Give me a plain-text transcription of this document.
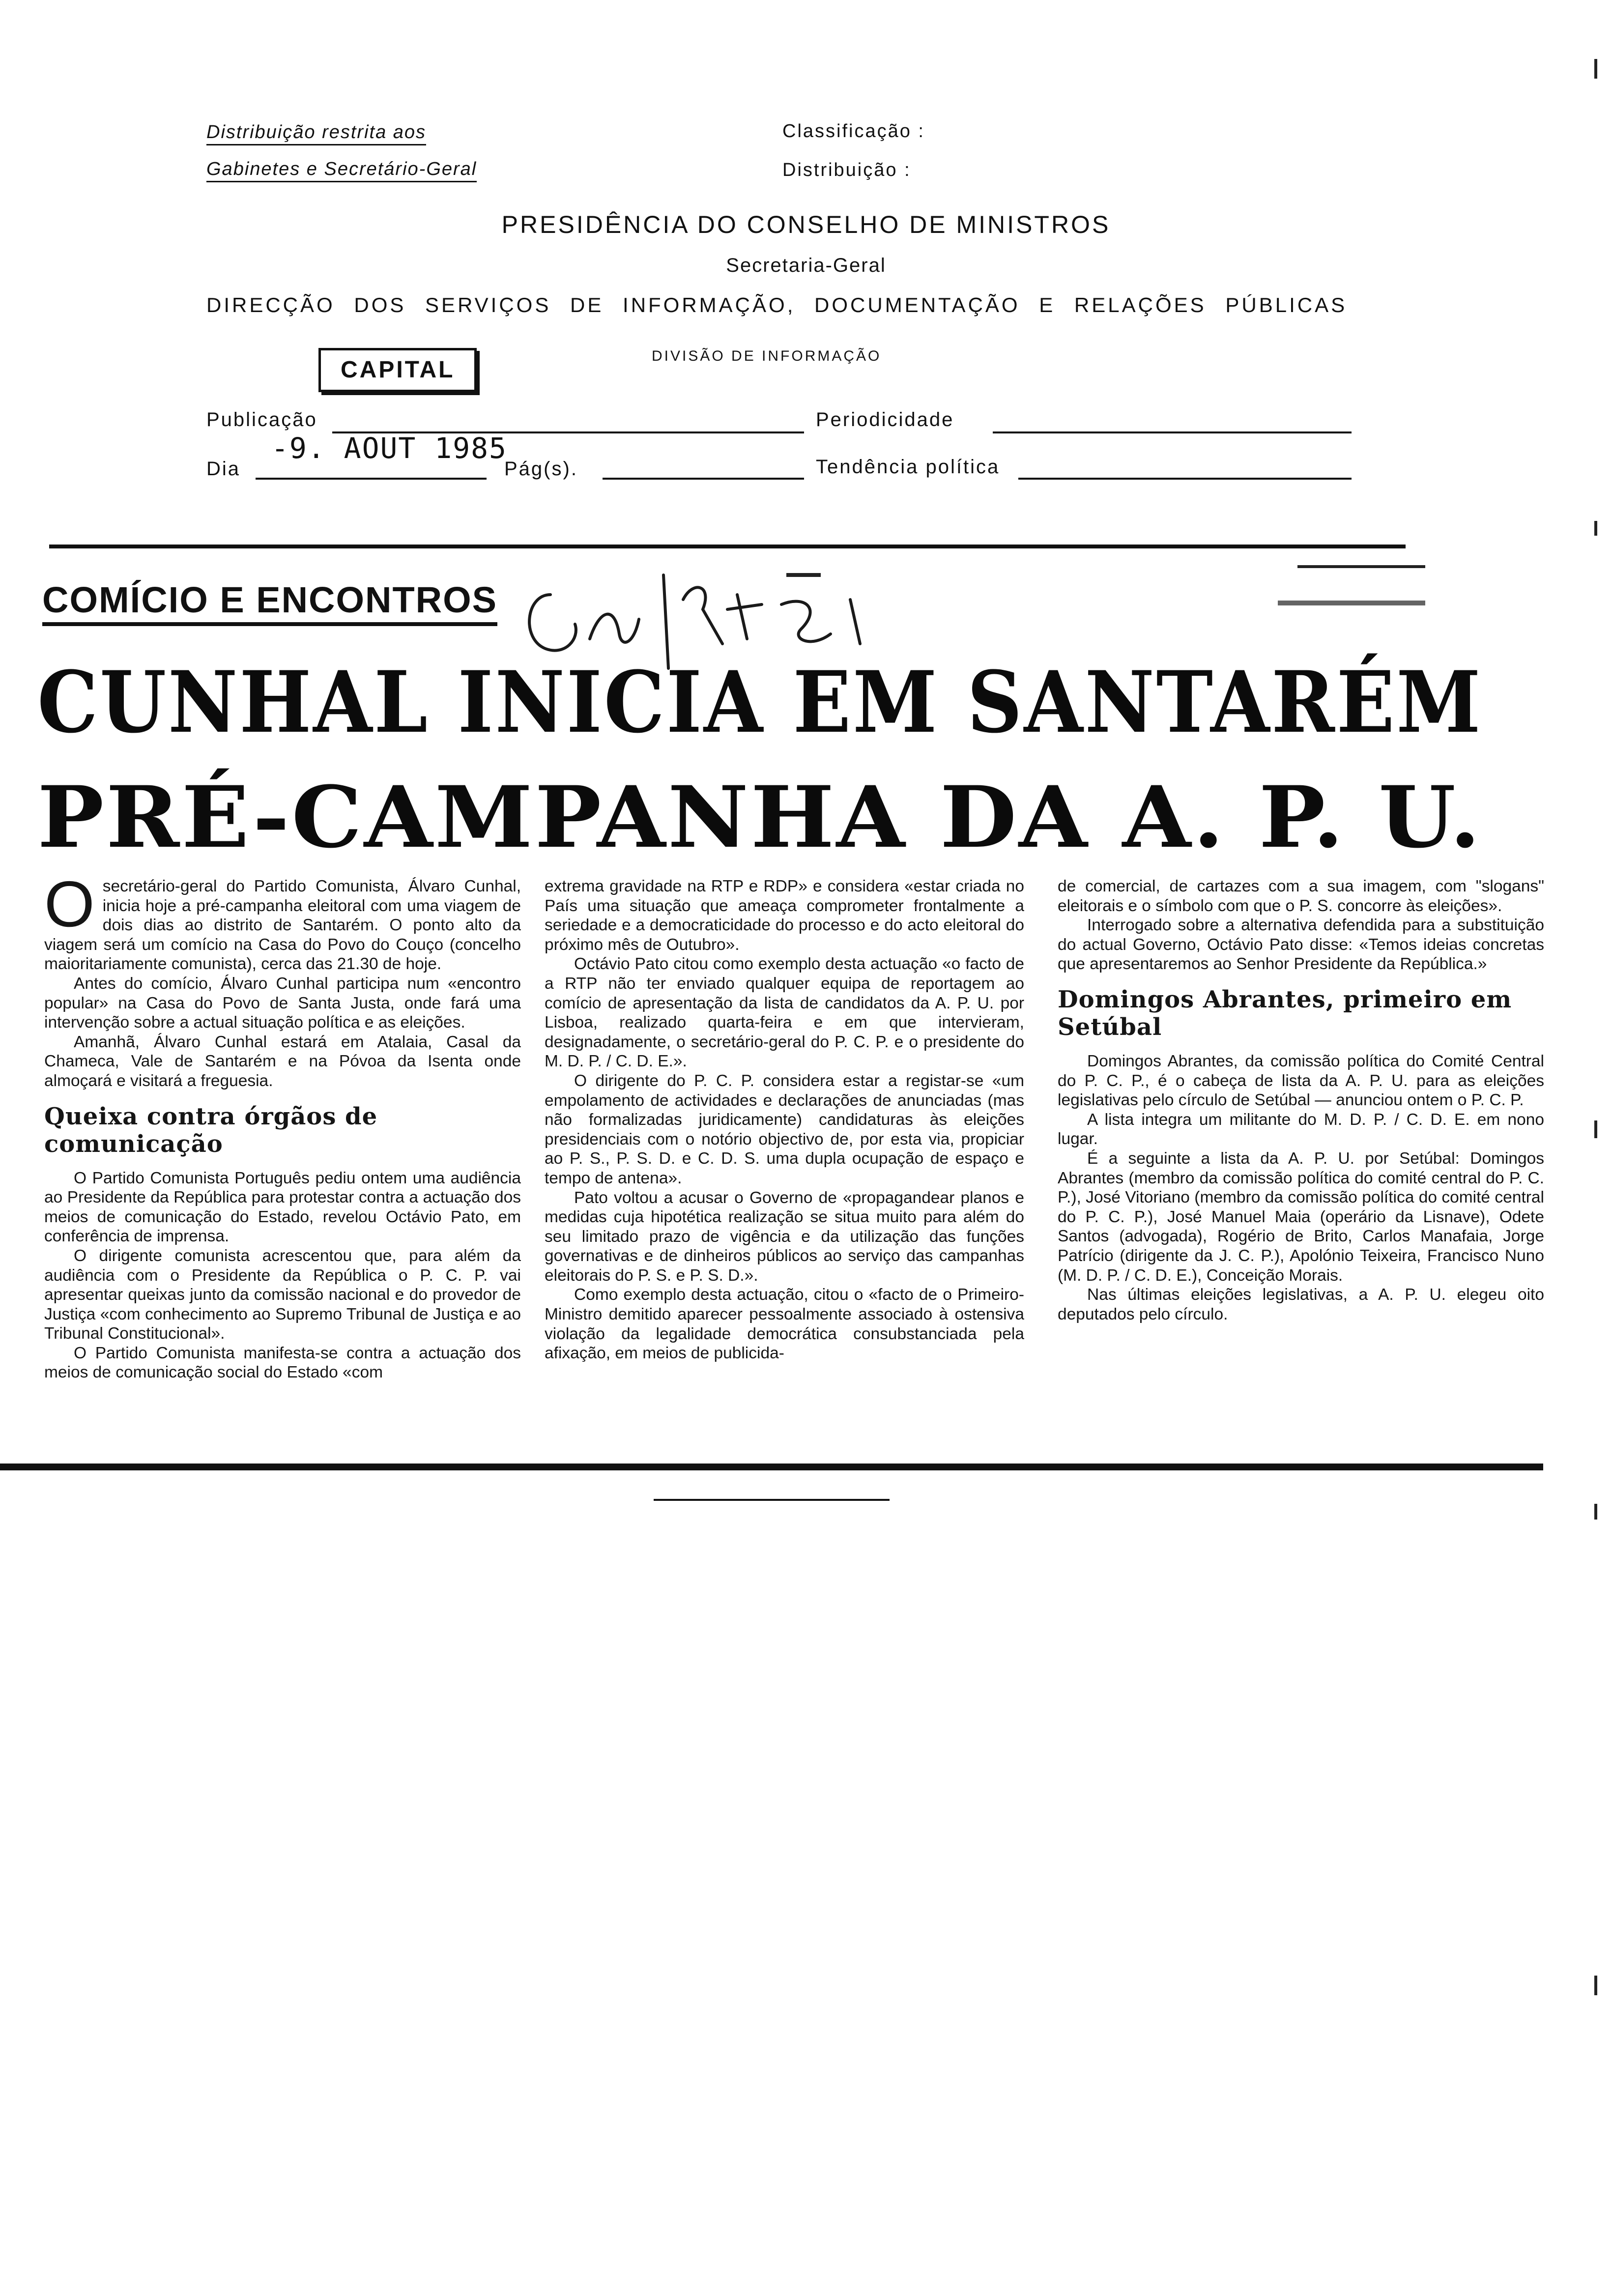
Distribuição restrita aos
Gabinetes e Secretário-Geral
Classificação :
Distribuição :
PRESIDÊNCIA DO CONSELHO DE MINISTROS
Secretaria-Geral
DIRECÇÃO DOS SERVIÇOS DE INFORMAÇÃO, DOCUMENTAÇÃO E RELAÇÕES PÚBLICAS
CAPITAL
DIVISÃO DE INFORMAÇÃO
Publicação	Periodicidade
Dia
-9. AOUT 1985
Pág(s).	Tendência política
COMÍCIO E ENCONTROS
CUNHAL INICIA EM SANTARÉM
PRÉ-CAMPANHA DA A. P. U.

Osecretário-geral do Partido Comunista, Álvaro Cunhal, inicia hoje a pré-campanha eleitoral com uma viagem de dois dias ao distrito de Santarém. O ponto alto da viagem será um comício na Casa do Povo do Couço (concelho maioritariamente comunista), cerca das 21.30 de hoje.

Antes do comício, Álvaro Cunhal participa num «encontro popular» na Casa do Povo de Santa Justa, onde fará uma intervenção sobre a actual situação política e as eleições.

Amanhã, Álvaro Cunhal estará em Atalaia, Casal da Chameca, Vale de Santarém e na Póvoa da Isenta onde almoçará e visitará a freguesia.

Queixa contra órgãos de comunicação

O Partido Comunista Português pediu ontem uma audiência ao Presidente da República para protestar contra a actuação dos meios de comunicação do Estado, revelou Octávio Pato, em conferência de imprensa.

O dirigente comunista acrescentou que, para além da audiência com o Presidente da República o P. C. P. vai apresentar queixas junto da comissão nacional e do provedor de Justiça «com conhecimento ao Supremo Tribunal de Justiça e ao Tribunal Constitucional».

O Partido Comunista manifesta-se contra a actuação dos meios de comunicação social do Estado «com

extrema gravidade na RTP e RDP» e considera «estar criada no País uma situação que ameaça comprometer frontalmente a seriedade e a democraticidade do processo e do acto eleitoral do próximo mês de Outubro».

Octávio Pato citou como exemplo desta actuação «o facto de a RTP não ter enviado qualquer equipa de reportagem ao comício de apresentação da lista de candidatos da A. P. U. por Lisboa, realizado quarta-feira e em que intervieram, designadamente, o secretário-geral do P. C. P. e o presidente do M. D. P. / C. D. E.».

O dirigente do P. C. P. considera estar a registar-se «um empolamento de actividades e declarações de anunciadas (mas não formalizadas juridicamente) candidaturas às eleições presidenciais com o notório objectivo de, por esta via, propiciar ao P. S., P. S. D. e C. D. S. uma dupla ocupação de espaço e tempo de antena».

Pato voltou a acusar o Governo de «propagandear planos e medidas cuja hipotética realização se situa muito para além do seu limitado prazo de vigência e da utilização das funções governativas e de dinheiros públicos ao serviço das campanhas eleitorais do P. S. e P. S. D.».

Como exemplo desta actuação, citou o «facto de o Primeiro-Ministro demitido aparecer pessoalmente associado à ostensiva violação da legalidade democrática consubstanciada pela afixação, em meios de publicida-

de comercial, de cartazes com a sua imagem, com "slogans" eleitorais e o símbolo com que o P. S. concorre às eleições».

Interrogado sobre a alternativa defendida para a substituição do actual Governo, Octávio Pato disse: «Temos ideias concretas que apresentaremos ao Senhor Presidente da República.»

Domingos Abrantes, primeiro em Setúbal

Domingos Abrantes, da comissão política do Comité Central do P. C. P., é o cabeça de lista da A. P. U. para as eleições legislativas pelo círculo de Setúbal — anunciou ontem o P. C. P.

A lista integra um militante do M. D. P. / C. D. E. em nono lugar.

É a seguinte a lista da A. P. U. por Setúbal: Domingos Abrantes (membro da comissão política do comité central do P. C. P.), José Vitoriano (membro da comissão política do comité central do P. C. P.), José Manuel Maia (operário da Lisnave), Odete Santos (advogada), Rogério de Brito, Carlos Manafaia, Jorge Patrício (dirigente da J. C. P.), Apolónio Teixeira, Francisco Nuno (M. D. P. / C. D. E.), Conceição Morais.

Nas últimas eleições legislativas, a A. P. U. elegeu oito deputados pelo círculo.
